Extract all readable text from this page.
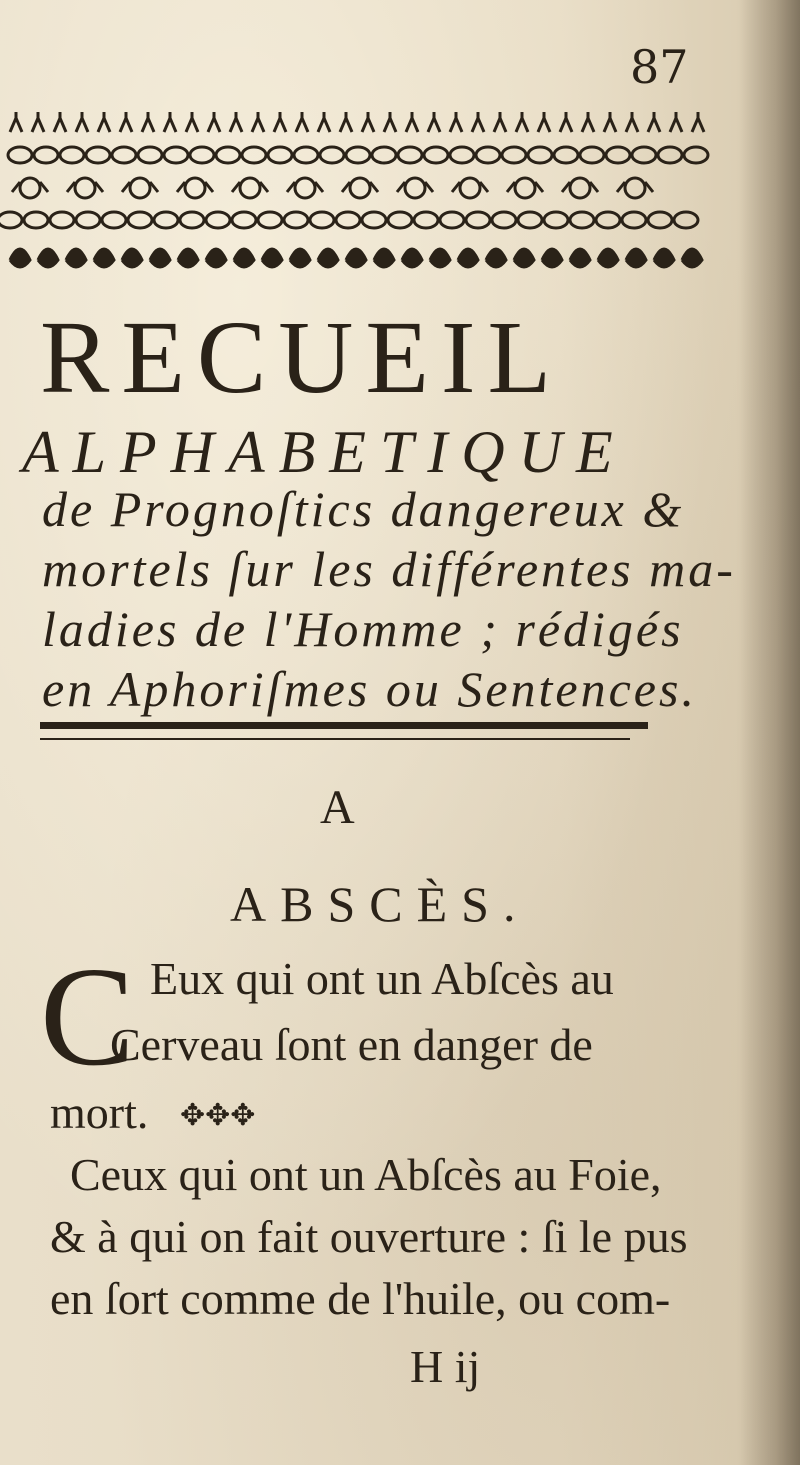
87
RECUEIL
ALPHABETIQUE

de Prognoſtics dangereux &

mortels ſur les différentes ma-

ladies de l'Homme ; rédigés

en Aphoriſmes ou Sentences.

A
ABSCÈS.
C Eux qui ont un Abſcès au

Cerveau ſont en danger de

mort. ✥✥✥

Ceux qui ont un Abſcès au Foie,

& à qui on fait ouverture : ſi le pus

en ſort comme de l'huile, ou com-

H ij
